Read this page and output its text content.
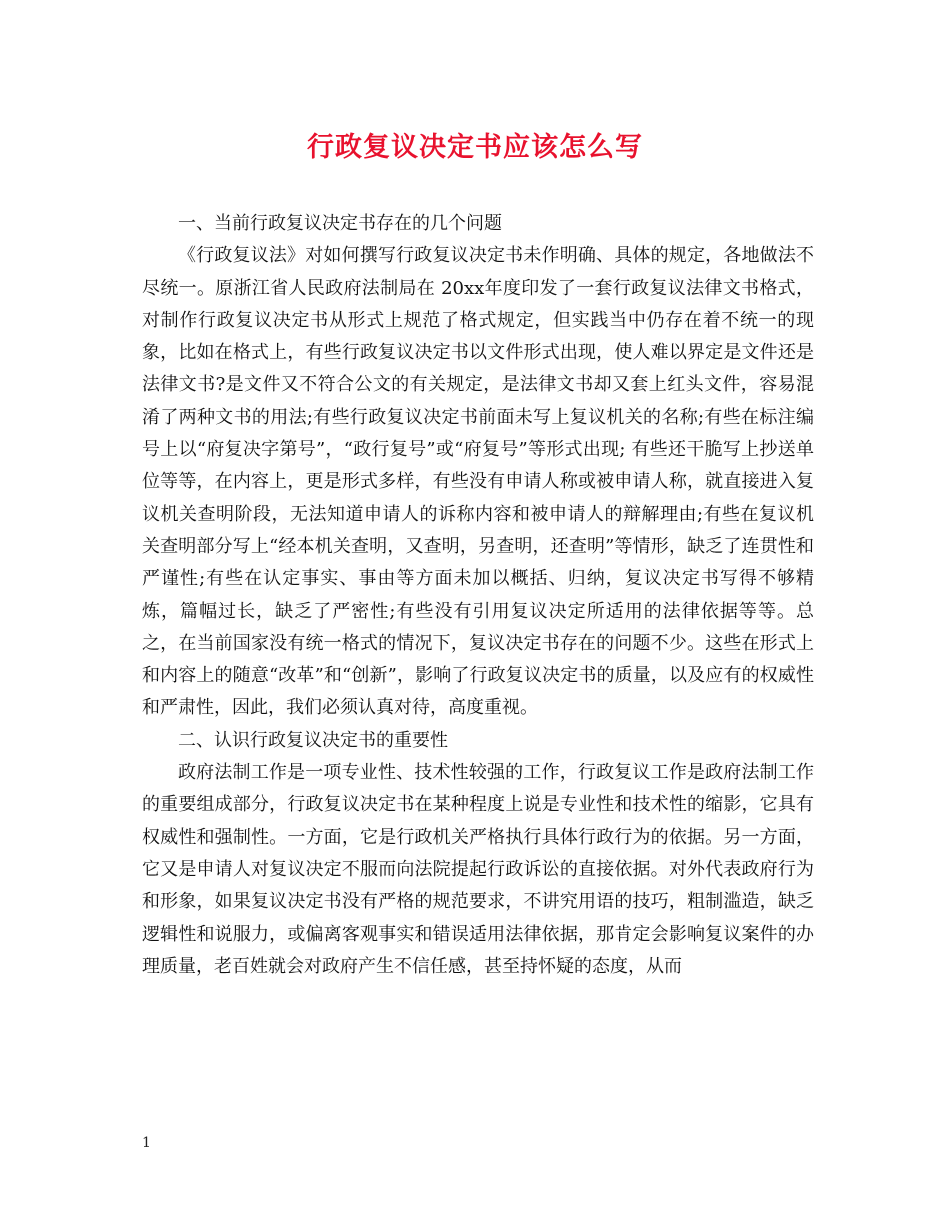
行政复议决定书应该怎么写

一、当前行政复议决定书存在的几个问题

《行政复议法》对如何撰写行政复议决定书未作明确、具体的规定，各地做法不尽统一。原浙江省人民政府法制局在 20xx年度印发了一套行政复议法律文书格式，对制作行政复议决定书从形式上规范了格式规定，但实践当中仍存在着不统一的现象，比如在格式上，有些行政复议决定书以文件形式出现，使人难以界定是文件还是法律文书?是文件又不符合公文的有关规定，是法律文书却又套上红头文件，容易混淆了两种文书的用法;有些行政复议决定书前面未写上复议机关的名称;有些在标注编号上以“府复决字第号”，“政行复号”或“府复号”等形式出现; 有些还干脆写上抄送单位等等，在内容上，更是形式多样，有些没有申请人称或被申请人称，就直接进入复议机关查明阶段，无法知道申请人的诉称内容和被申请人的辩解理由;有些在复议机关查明部分写上“经本机关查明，又查明，另查明，还查明”等情形，缺乏了连贯性和严谨性;有些在认定事实、事由等方面未加以概括、归纳，复议决定书写得不够精炼，篇幅过长，缺乏了严密性;有些没有引用复议决定所适用的法律依据等等。总之，在当前国家没有统一格式的情况下，复议决定书存在的问题不少。这些在形式上和内容上的随意“改革”和“创新”，影响了行政复议决定书的质量，以及应有的权威性和严肃性，因此，我们必须认真对待，高度重视。

二、认识行政复议决定书的重要性

政府法制工作是一项专业性、技术性较强的工作，行政复议工作是政府法制工作的重要组成部分，行政复议决定书在某种程度上说是专业性和技术性的缩影，它具有权威性和强制性。一方面，它是行政机关严格执行具体行政行为的依据。另一方面，它又是申请人对复议决定不服而向法院提起行政诉讼的直接依据。对外代表政府行为和形象，如果复议决定书没有严格的规范要求，不讲究用语的技巧，粗制滥造，缺乏逻辑性和说服力，或偏离客观事实和错误适用法律依据，那肯定会影响复议案件的办理质量，老百姓就会对政府产生不信任感，甚至持怀疑的态度，从而

1
